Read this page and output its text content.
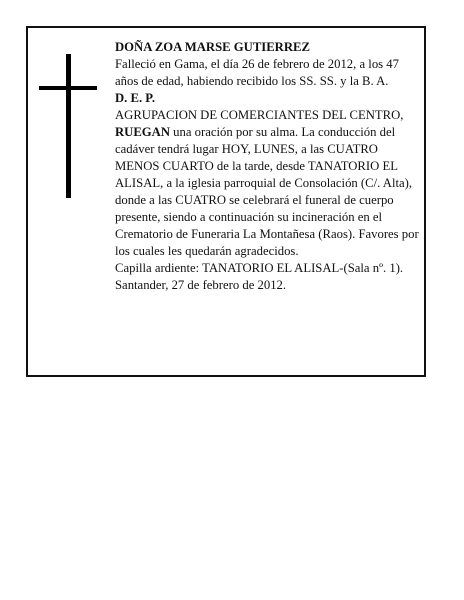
DOÑA ZOA MARSE GUTIERREZ

Falleció en Gama, el día 26 de febrero de 2012, a los 47 años de edad, habiendo recibido los SS. SS. y la B. A.

D. E. P.

AGRUPACION DE COMERCIANTES DEL CENTRO,

RUEGAN una oración por su alma. La conducción del cadáver tendrá lugar HOY, LUNES, a las CUATRO MENOS CUARTO de la tarde, desde TANATORIO EL ALISAL, a la iglesia parroquial de Consolación (C/. Alta), donde a las CUATRO se celebrará el funeral de cuerpo presente, siendo a continuación su incineración en el Crematorio de Funeraria La Montañesa (Raos). Favores por los cuales les quedarán agradecidos.

Capilla ardiente: TANATORIO EL ALISAL-(Sala nº. 1).

Santander, 27 de febrero de 2012.
